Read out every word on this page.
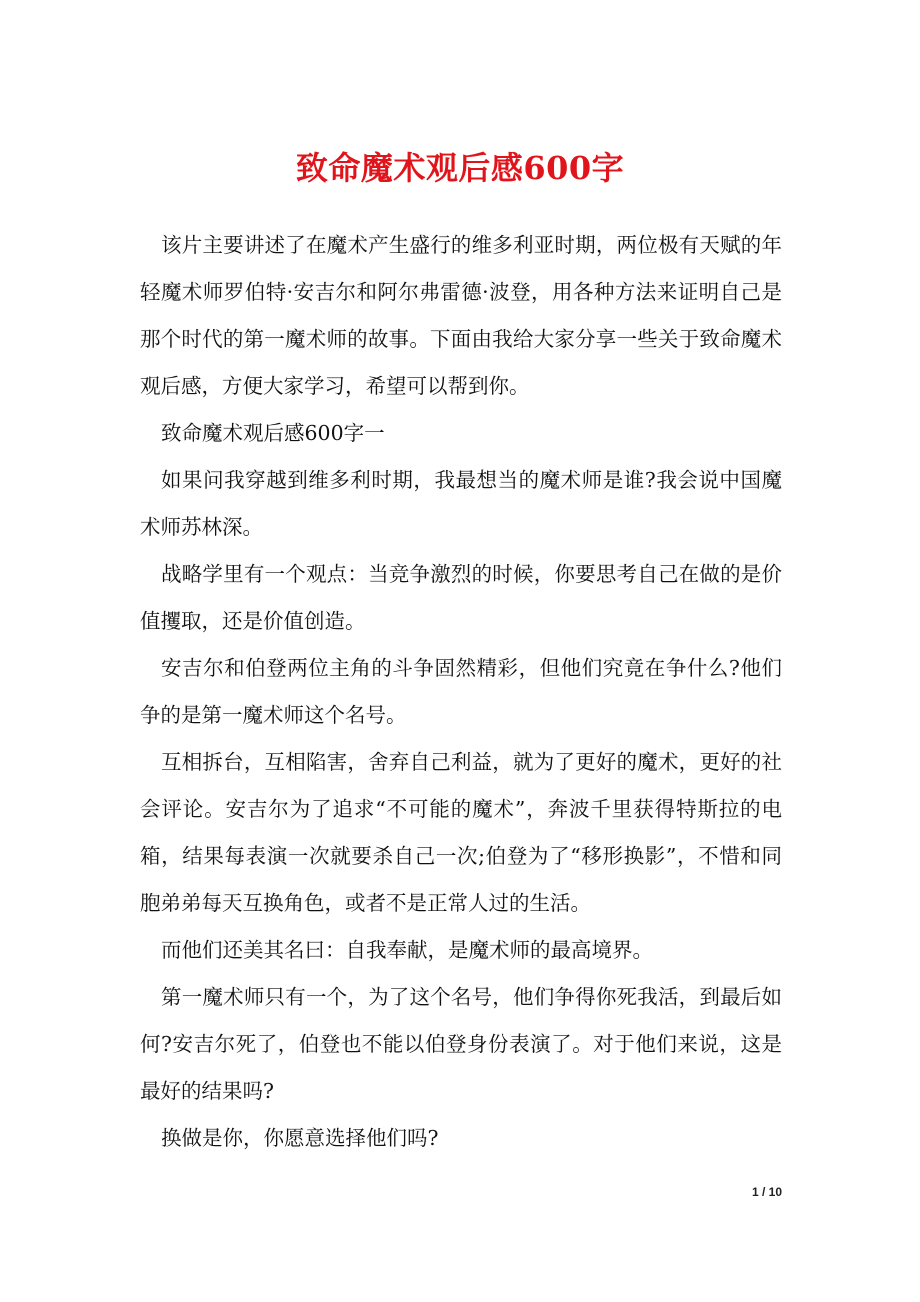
致命魔术观后感600字

该片主要讲述了在魔术产生盛行的维多利亚时期，两位极有天赋的年轻魔术师罗伯特·安吉尔和阿尔弗雷德·波登，用各种方法来证明自己是那个时代的第一魔术师的故事。下面由我给大家分享一些关于致命魔术观后感，方便大家学习，希望可以帮到你。

致命魔术观后感600字一

如果问我穿越到维多利时期，我最想当的魔术师是谁?我会说中国魔术师苏林深。

战略学里有一个观点：当竞争激烈的时候，你要思考自己在做的是价值攫取，还是价值创造。

安吉尔和伯登两位主角的斗争固然精彩，但他们究竟在争什么?他们争的是第一魔术师这个名号。

互相拆台，互相陷害，舍弃自己利益，就为了更好的魔术，更好的社会评论。安吉尔为了追求“不可能的魔术”，奔波千里获得特斯拉的电箱，结果每表演一次就要杀自己一次;伯登为了“移形换影”，不惜和同胞弟弟每天互换角色，或者不是正常人过的生活。

而他们还美其名曰：自我奉献，是魔术师的最高境界。

第一魔术师只有一个，为了这个名号，他们争得你死我活，到最后如何?安吉尔死了，伯登也不能以伯登身份表演了。对于他们来说，这是最好的结果吗?

换做是你，你愿意选择他们吗?

1 / 10
